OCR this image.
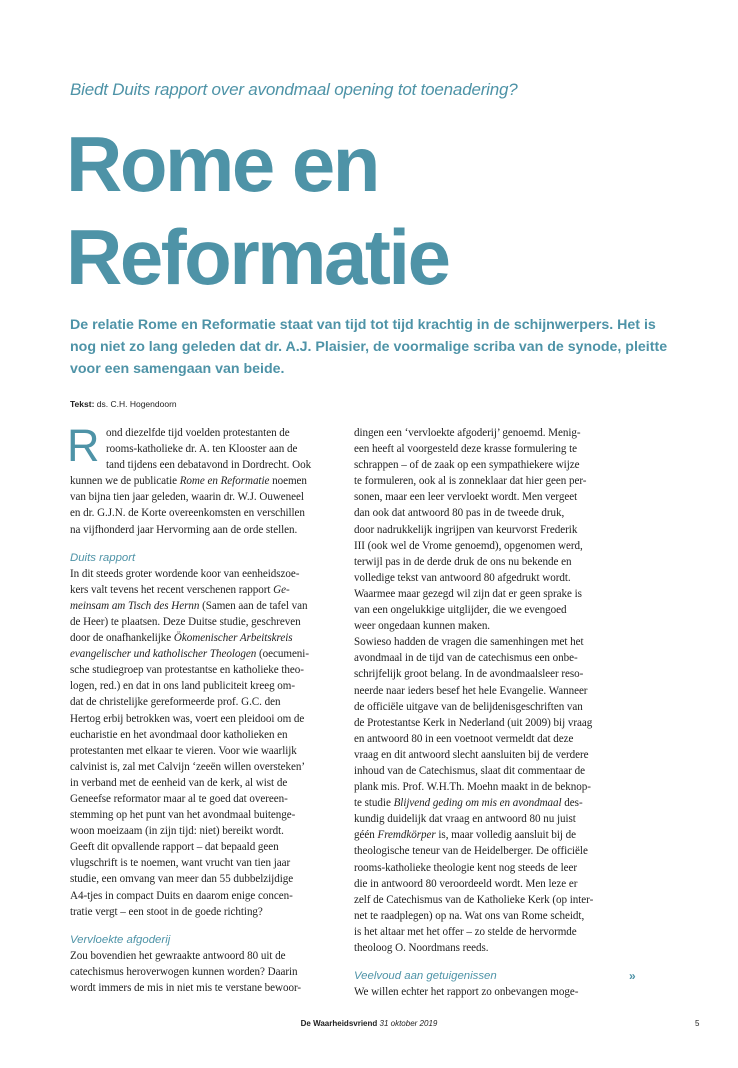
Biedt Duits rapport over avondmaal opening tot toenadering?
Rome en
Reformatie

De relatie Rome en Reformatie staat van tijd tot tijd krachtig in de schijnwerpers. Het is nog niet zo lang geleden dat dr. A.J. Plaisier, de voormalige scriba van de synode, pleitte voor een samengaan van beide.

Tekst: ds. C.H. Hogendoorn
R ond diezelfde tijd voelden protestanten de
rooms-katholieke dr. A. ten Klooster aan de
tand tijdens een debatavond in Dordrecht. Ook
kunnen we de publicatie Rome en Reformatie noemen
van bijna tien jaar geleden, waarin dr. W.J. Ouweneel
en dr. G.J.N. de Korte overeenkomsten en verschillen
na vijfhonderd jaar Hervorming aan de orde stellen.
Duits rapport
In dit steeds groter wordende koor van eenheidszoe-
kers valt tevens het recent verschenen rapport Ge-
meinsam am Tisch des Hernn (Samen aan de tafel van
de Heer) te plaatsen. Deze Duitse studie, geschreven
door de onafhankelijke Ökomenischer Arbeitskreis
evangelischer und katholischer Theologen (oecumeni-
sche studiegroep van protestantse en katholieke theo-
logen, red.) en dat in ons land publiciteit kreeg om-
dat de christelijke gereformeerde prof. G.C. den
Hertog erbij betrokken was, voert een pleidooi om de
eucharistie en het avondmaal door katholieken en
protestanten met elkaar te vieren. Voor wie waarlijk
calvinist is, zal met Calvijn ‘zeeën willen oversteken’
in verband met de eenheid van de kerk, al wist de
Geneefse reformator maar al te goed dat overeen-
stemming op het punt van het avondmaal buitenge-
woon moeizaam (in zijn tijd: niet) bereikt wordt.
Geeft dit opvallende rapport – dat bepaald geen
vlugschrift is te noemen, want vrucht van tien jaar
studie, een omvang van meer dan 55 dubbelzijdige
A4-tjes in compact Duits en daarom enige concen-
tratie vergt – een stoot in de goede richting?
Vervloekte afgoderij
Zou bovendien het gewraakte antwoord 80 uit de
catechismus heroverwogen kunnen worden? Daarin
wordt immers de mis in niet mis te verstane bewoor-
dingen een ‘vervloekte afgoderij’ genoemd. Menig-
een heeft al voorgesteld deze krasse formulering te
schrappen – of de zaak op een sympathiekere wijze
te formuleren, ook al is zonneklaar dat hier geen per-
sonen, maar een leer vervloekt wordt. Men vergeet
dan ook dat antwoord 80 pas in de tweede druk,
door nadrukkelijk ingrijpen van keurvorst Frederik
III (ook wel de Vrome genoemd), opgenomen werd,
terwijl pas in de derde druk de ons nu bekende en
volledige tekst van antwoord 80 afgedrukt wordt.
Waarmee maar gezegd wil zijn dat er geen sprake is
van een ongelukkige uitglijder, die we evengoed
weer ongedaan kunnen maken.
Sowieso hadden de vragen die samenhingen met het
avondmaal in de tijd van de catechismus een onbe-
schrijfelijk groot belang. In de avondmaalsleer reso-
neerde naar ieders besef het hele Evangelie. Wanneer
de officiële uitgave van de belijdenisgeschriften van
de Protestantse Kerk in Nederland (uit 2009) bij vraag
en antwoord 80 in een voetnoot vermeldt dat deze
vraag en dit antwoord slecht aansluiten bij de verdere
inhoud van de Catechismus, slaat dit commentaar de
plank mis. Prof. W.H.Th. Moehn maakt in de beknop-
te studie Blijvend geding om mis en avondmaal des-
kundig duidelijk dat vraag en antwoord 80 nu juist
géén Fremdkörper is, maar volledig aansluit bij de
theologische teneur van de Heidelberger. De officiële
rooms-katholieke theologie kent nog steeds de leer
die in antwoord 80 veroordeeld wordt. Men leze er
zelf de Catechismus van de Katholieke Kerk (op inter-
net te raadplegen) op na. Wat ons van Rome scheidt,
is het altaar met het offer – zo stelde de hervormde
theoloog O. Noordmans reeds.
Veelvoud aan getuigenissen
We willen echter het rapport zo onbevangen moge-
»
De Waarheidsvriend 31 oktober 2019	5
